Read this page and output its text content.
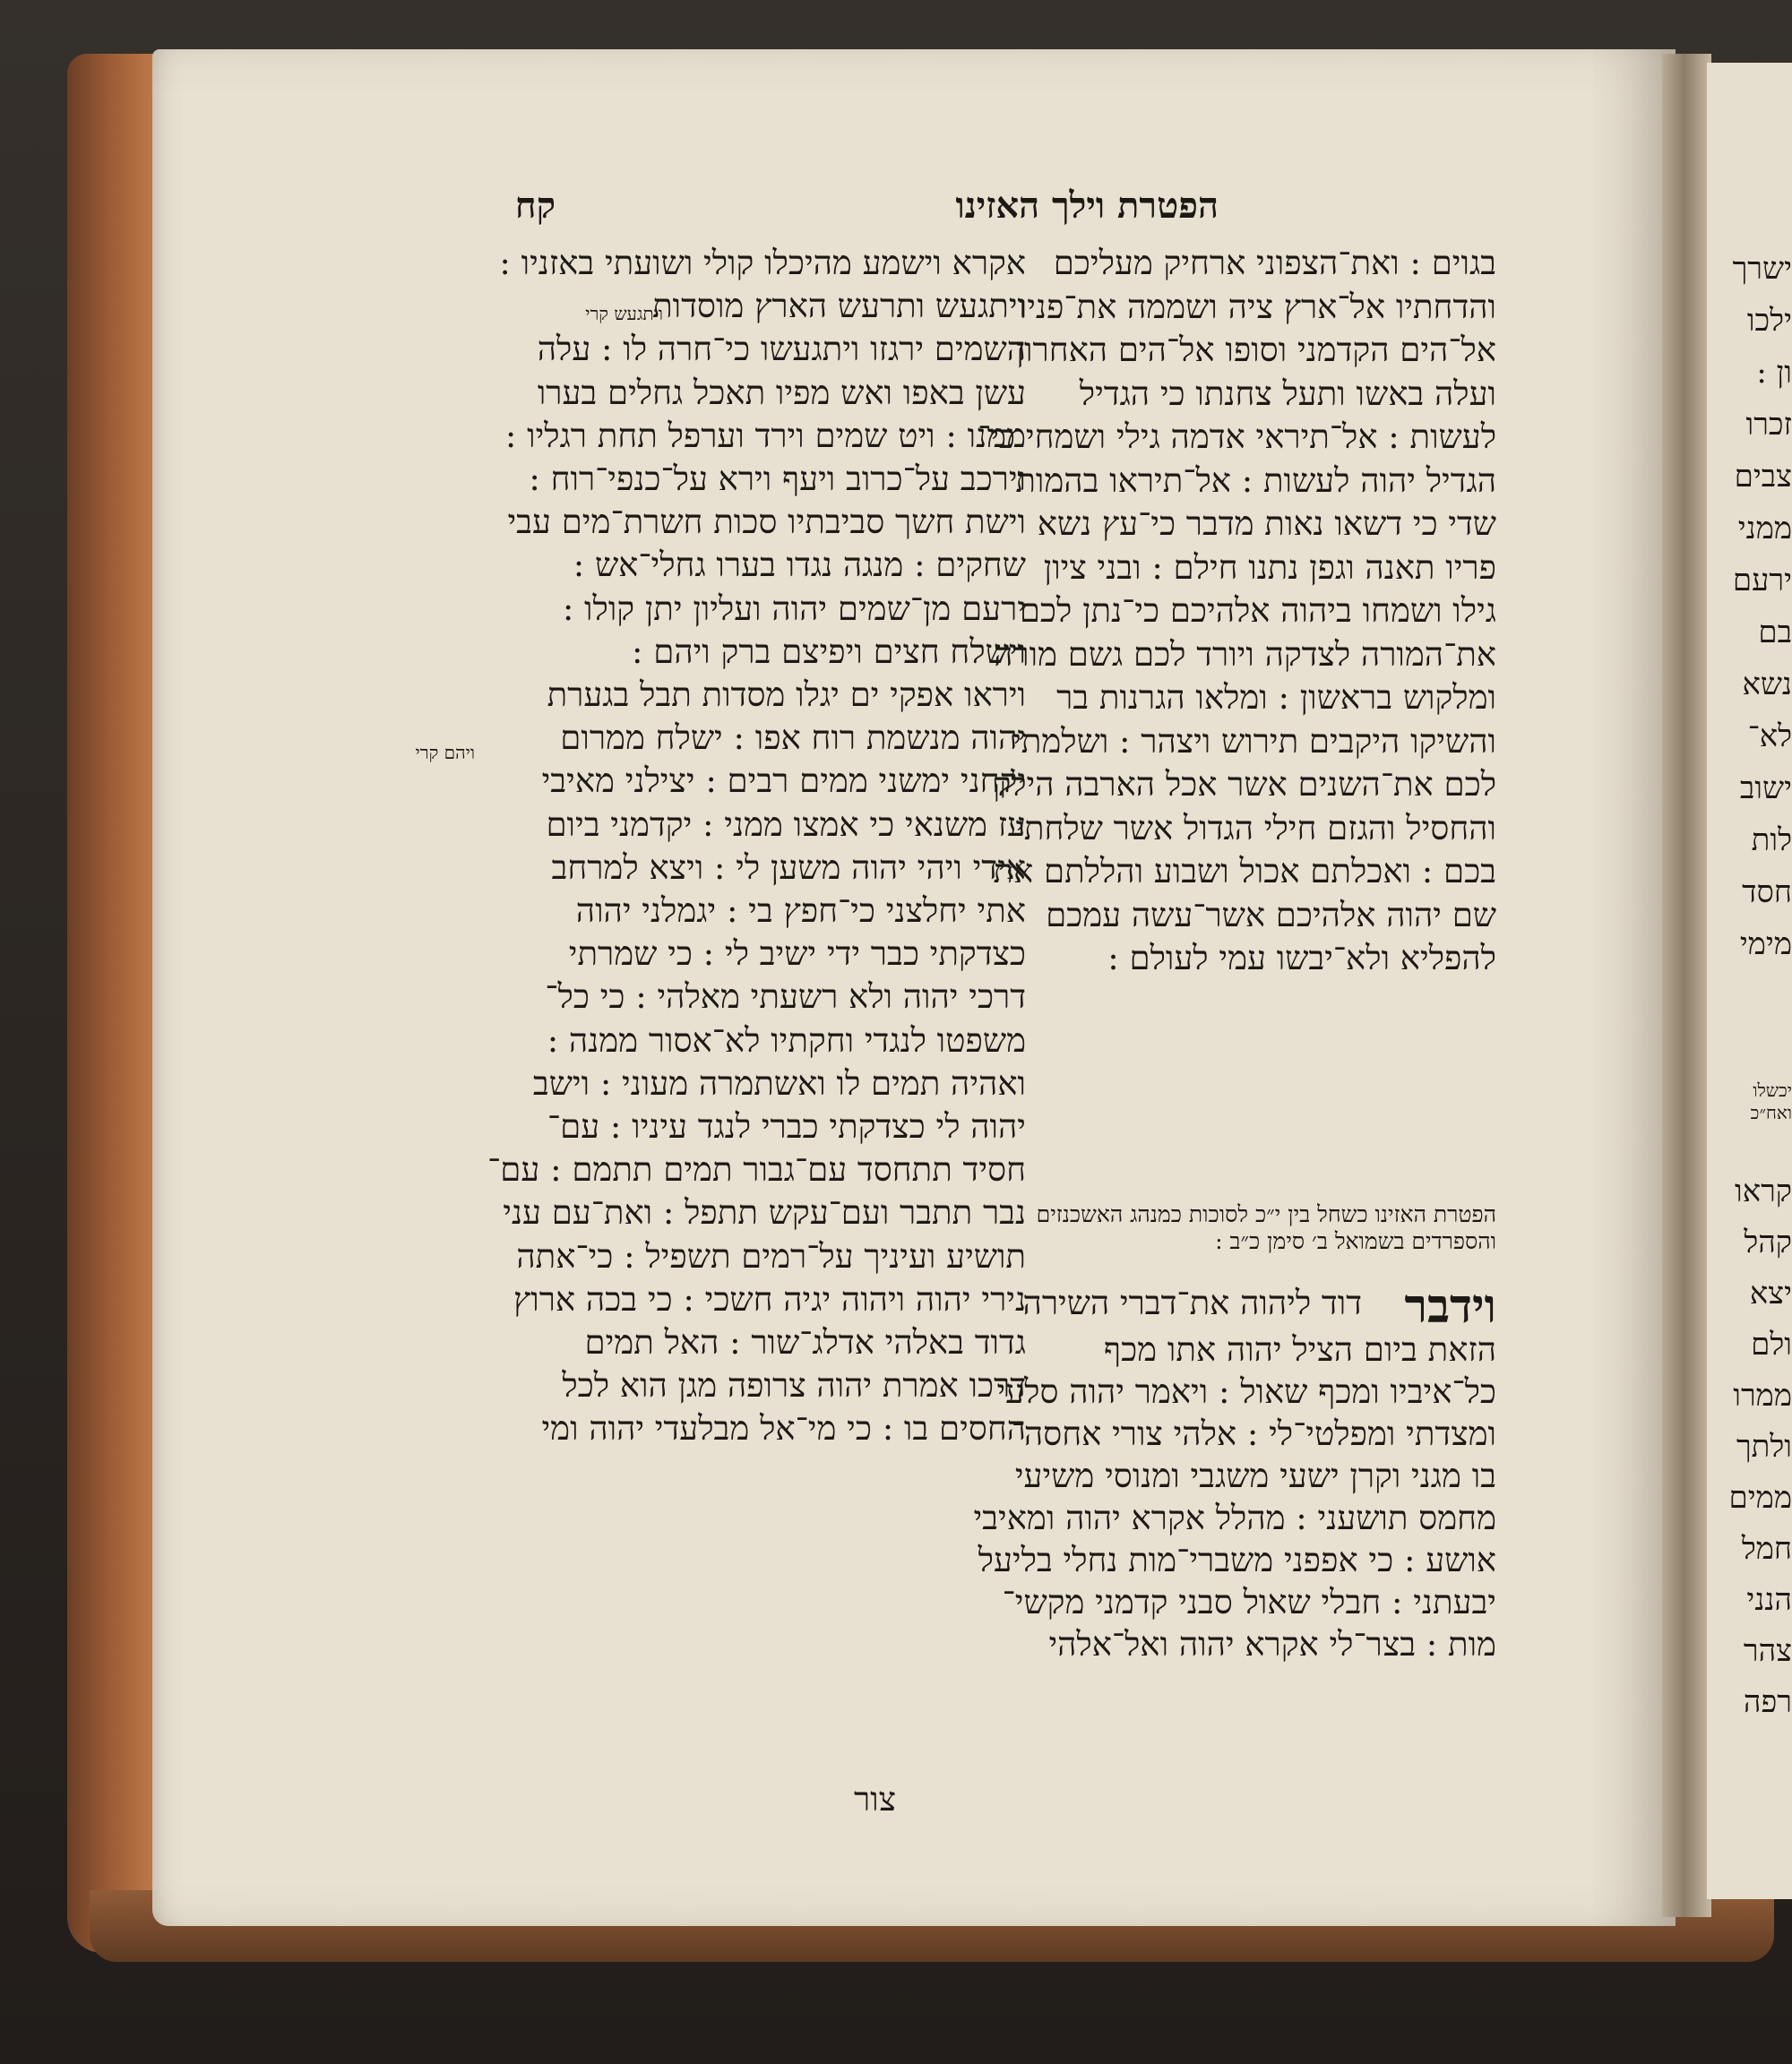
הפטרת וילך האזינו
קח
בגוים : ואת־הצפוני ארחיק מעליכם
והדחתיו אל־ארץ ציה ושממה את־פניו
אל־הים הקדמני וסופו אל־הים האחרון
ועלה באשו ותעל צחנתו כי הגדיל
לעשות : אל־תיראי אדמה גילי ושמחי כי־
הגדיל יהוה לעשות : אל־תיראו בהמות
שדי כי דשאו נאות מדבר כי־עץ נשא
פריו תאנה וגפן נתנו חילם : ובני ציון
גילו ושמחו ביהוה אלהיכם כי־נתן לכם
את־המורה לצדקה ויורד לכם גשם מורה
ומלקוש בראשון : ומלאו הגרנות בר
והשיקו היקבים תירוש ויצהר : ושלמתי
לכם את־השנים אשר אכל הארבה הילק
והחסיל והגזם חילי הגדול אשר שלחתי
בכם : ואכלתם אכול ושבוע והללתם את־
שם יהוה אלהיכם אשר־עשה עמכם
להפליא ולא־יבשו עמי לעולם :
הפטרת האזינו כשחל בין י״כ לסוכות כמנהג האשכנזים
והספרדים בשמואל ב׳ סימן כ״ב :
וידבר
דוד ליהוה את־דברי השירה
הזאת ביום הציל יהוה אתו מכף
כל־איביו ומכף שאול : ויאמר יהוה סלעי
ומצדתי ומפלטי־לי : אלהי צורי אחסה־
בו מגני וקרן ישעי משגבי ומנוסי משיעי
מחמס תושעני : מהלל אקרא יהוה ומאיבי
אושע : כי אפפני משברי־מות נחלי בליעל
יבעתני : חבלי שאול סבני קדמני מקשי־
מות : בצר־לי אקרא יהוה ואל־אלהי
אקרא וישמע מהיכלו קולי ושועתי באזניו :
ויתגעש ותרעש הארץ מוסדות
השמים ירגזו ויתגעשו כי־חרה לו : עלה
עשן באפו ואש מפיו תאכל גחלים בערו
ממנו : ויט שמים וירד וערפל תחת רגליו :
וירכב על־כרוב ויעף וירא על־כנפי־רוח :
וישת חשך סביבתיו סכות חשרת־מים עבי
שחקים : מנגה נגדו בערו גחלי־אש :
ירעם מן־שמים יהוה ועליון יתן קולו :
וישלח חצים ויפיצם ברק ויהם :
ויראו אפקי ים יגלו מסדות תבל בגערת
יהוה מנשמת רוח אפו : ישלח ממרום
יקחני ימשני ממים רבים : יצילני מאיבי
עז משנאי כי אמצו ממני : יקדמני ביום
אידי ויהי יהוה משען לי : ויצא למרחב
אתי יחלצני כי־חפץ בי : יגמלני יהוה
כצדקתי כבר ידי ישיב לי : כי שמרתי
דרכי יהוה ולא רשעתי מאלהי : כי כל־
משפטו לנגדי וחקתיו לא־אסור ממנה :
ואהיה תמים לו ואשתמרה מעוני : וישב
יהוה לי כצדקתי כברי לנגד עיניו : עם־
חסיד תתחסד עם־גבור תמים תתמם : עם־
נבר תתבר ועם־עקש תתפל : ואת־עם עני
תושיע ועיניך על־רמים תשפיל : כי־אתה
נירי יהוה ויהוה יגיה חשכי : כי בכה ארוץ
גדוד באלהי אדלג־שור : האל תמים
דרכו אמרת יהוה צרופה מגן הוא לכל
החסים בו : כי מי־אל מבלעדי יהוה ומי
צור
ויתגעש קרי
ויהם קרי
ישרך
ילכו
ון :
זכרו
צבים
ממני
ירעם
בם
נשא
לא־
ישוב
לות
חסד
מימי
יכשלו ואח״כ
קראו
קהל
יצא
ולם
ממרו
ולתך
ממים
חמל
הנני
צהר
רפה
